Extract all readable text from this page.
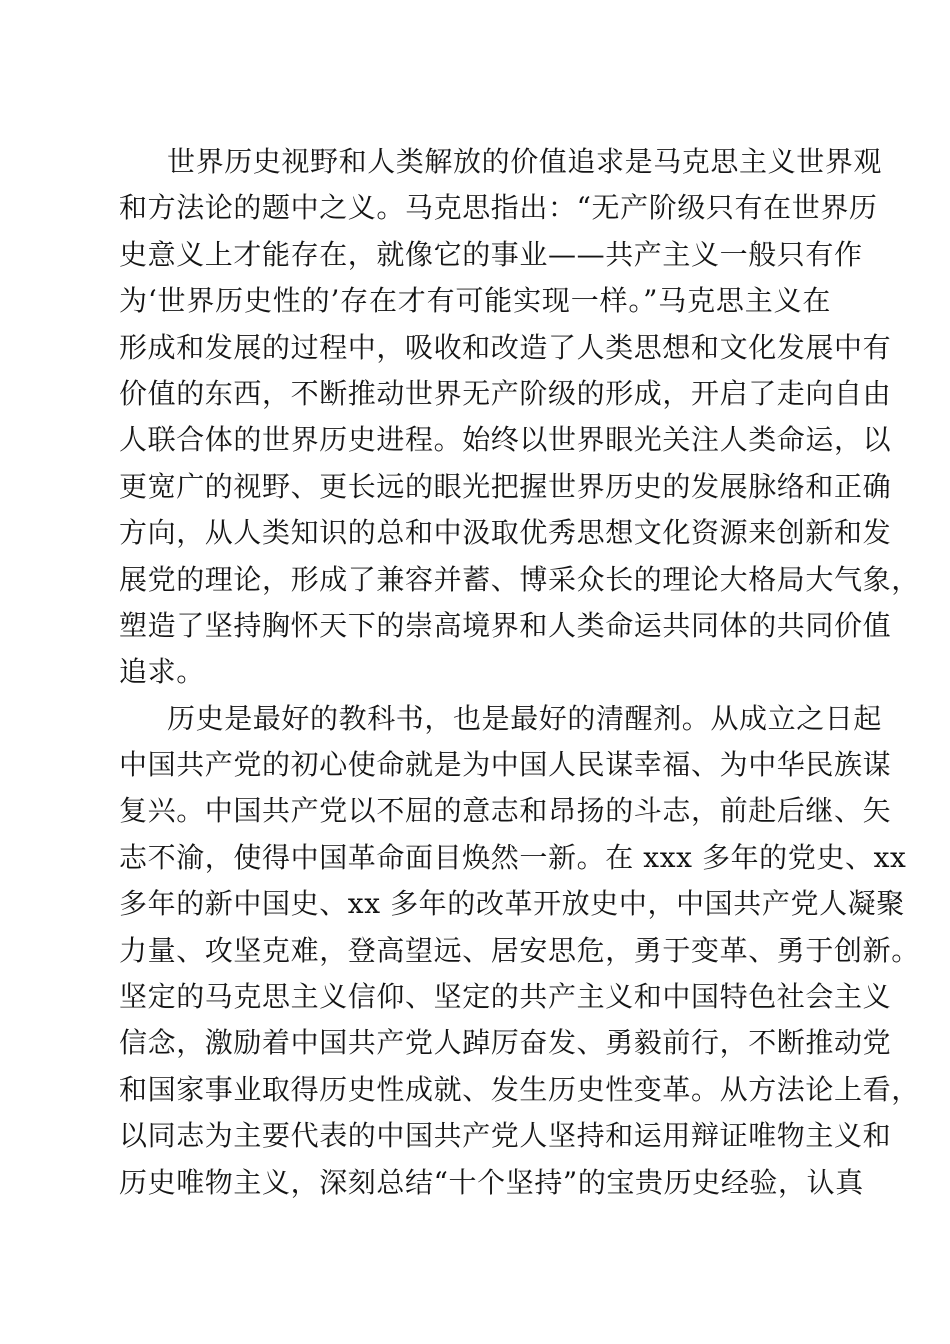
世界历史视野和人类解放的价值追求是马克思主义世界观
和方法论的题中之义。马克思指出：“无产阶级只有在世界历
史意义上才能存在，就像它的事业——共产主义一般只有作
为‘世界历史性的’存在才有可能实现一样。”马克思主义在
形成和发展的过程中，吸收和改造了人类思想和文化发展中有
价值的东西，不断推动世界无产阶级的形成，开启了走向自由
人联合体的世界历史进程。始终以世界眼光关注人类命运，以
更宽广的视野、更长远的眼光把握世界历史的发展脉络和正确
方向，从人类知识的总和中汲取优秀思想文化资源来创新和发
展党的理论，形成了兼容并蓄、博采众长的理论大格局大气象，
塑造了坚持胸怀天下的崇高境界和人类命运共同体的共同价值
追求。
历史是最好的教科书，也是最好的清醒剂。从成立之日起
中国共产党的初心使命就是为中国人民谋幸福、为中华民族谋
复兴。中国共产党以不屈的意志和昂扬的斗志，前赴后继、矢
志不渝，使得中国革命面目焕然一新。在 xxx 多年的党史、xx
多年的新中国史、xx 多年的改革开放史中，中国共产党人凝聚
力量、攻坚克难，登高望远、居安思危，勇于变革、勇于创新。
坚定的马克思主义信仰、坚定的共产主义和中国特色社会主义
信念，激励着中国共产党人踔厉奋发、勇毅前行，不断推动党
和国家事业取得历史性成就、发生历史性变革。从方法论上看，
以同志为主要代表的中国共产党人坚持和运用辩证唯物主义和
历史唯物主义，深刻总结“十个坚持”的宝贵历史经验，认真
